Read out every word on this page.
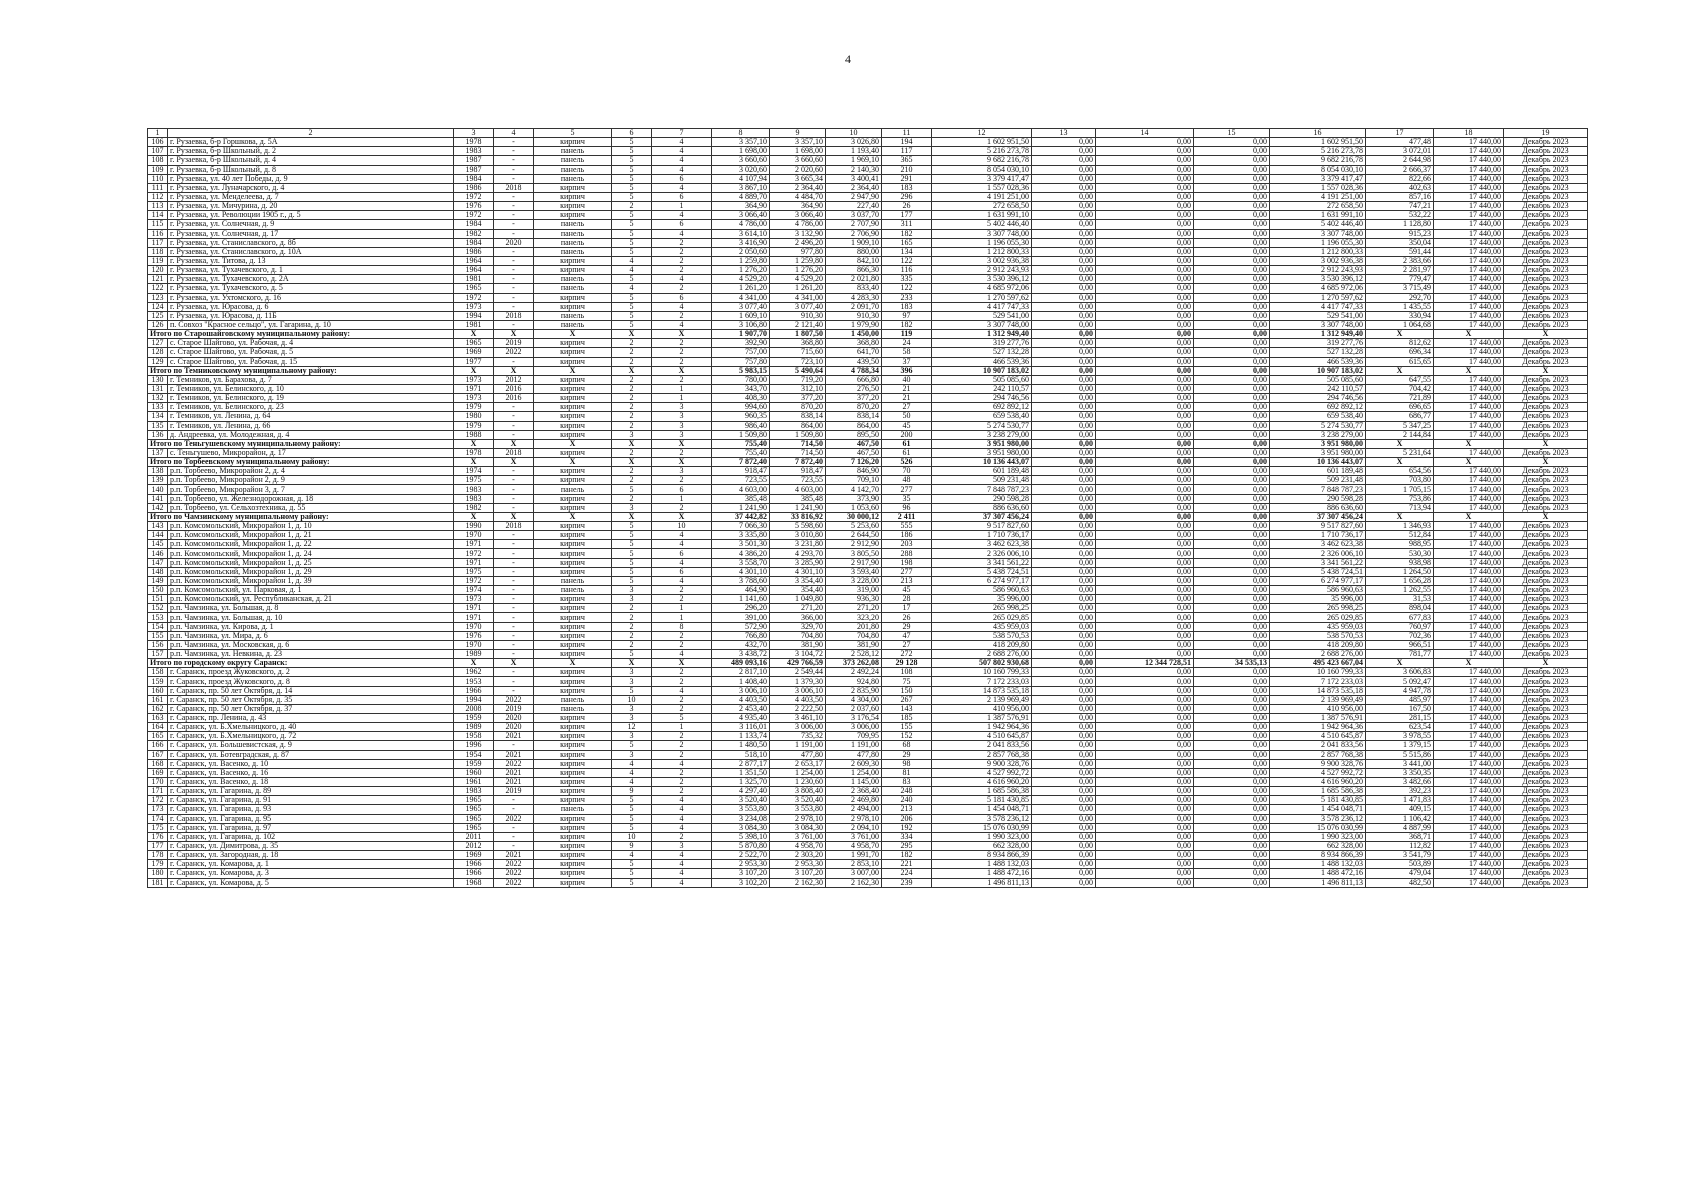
4
1	2	3	4	5	6	7	8	9	10	11	12	13	14	15	16	17	18	19
106	г. Рузаевка, б-р Горшкова, д. 5А	1978	-	кирпич	5	4	3 357,10	3 357,10	3 026,80	194	1 602 951,50	0,00	0,00	0,00	1 602 951,50	477,48	17 440,00	Декабрь 2023
107	г. Рузаевка, б-р Школьный, д. 2	1983	-	панель	5	4	1 698,00	1 698,00	1 193,40	117	5 216 273,78	0,00	0,00	0,00	5 216 273,78	3 072,01	17 440,00	Декабрь 2023
108	г. Рузаевка, б-р Школьный, д. 4	1987	-	панель	5	4	3 660,60	3 660,60	1 969,10	365	9 682 216,78	0,00	0,00	0,00	9 682 216,78	2 644,98	17 440,00	Декабрь 2023
109	г. Рузаевка, б-р Школьный, д. 8	1987	-	панель	5	4	3 020,60	2 020,60	2 140,30	210	8 054 030,10	0,00	0,00	0,00	8 054 030,10	2 666,37	17 440,00	Декабрь 2023
110	г. Рузаевка, ул. 40 лет Победы, д. 9	1984	-	панель	5	6	4 107,94	3 665,34	3 400,41	291	3 379 417,47	0,00	0,00	0,00	3 379 417,47	822,66	17 440,00	Декабрь 2023
111	г. Рузаевка, ул. Луначарского, д. 4	1986	2018	кирпич	5	4	3 867,10	2 364,40	2 364,40	183	1 557 028,36	0,00	0,00	0,00	1 557 028,36	402,63	17 440,00	Декабрь 2023
112	г. Рузаевка, ул. Менделеева, д. 7	1972	-	кирпич	5	6	4 889,70	4 484,70	2 947,90	296	4 191 251,00	0,00	0,00	0,00	4 191 251,00	857,16	17 440,00	Декабрь 2023
113	г. Рузаевка, ул. Мичурина, д. 20	1976	-	кирпич	2	1	364,90	364,90	227,40	26	272 658,50	0,00	0,00	0,00	272 658,50	747,21	17 440,00	Декабрь 2023
114	г. Рузаевка, ул. Революции 1905 г., д. 5	1972	-	кирпич	5	4	3 066,40	3 066,40	3 037,70	177	1 631 991,10	0,00	0,00	0,00	1 631 991,10	532,22	17 440,00	Декабрь 2023
115	г. Рузаевка, ул. Солнечная, д. 9	1984	-	панель	5	6	4 786,00	4 786,00	2 707,90	311	5 402 446,40	0,00	0,00	0,00	5 402 446,40	1 128,80	17 440,00	Декабрь 2023
116	г. Рузаевка, ул. Солнечная, д. 17	1982	-	панель	5	4	3 614,10	3 132,90	2 706,90	182	3 307 748,00	0,00	0,00	0,00	3 307 748,00	915,23	17 440,00	Декабрь 2023
117	г. Рузаевка, ул. Станиславского, д. 8б	1984	2020	панель	5	2	3 416,90	2 496,20	1 909,10	165	1 196 055,30	0,00	0,00	0,00	1 196 055,30	350,04	17 440,00	Декабрь 2023
118	г. Рузаевка, ул. Станиславского, д. 10А	1986	-	панель	5	2	2 050,60	977,80	880,00	134	1 212 800,33	0,00	0,00	0,00	1 212 800,33	591,44	17 440,00	Декабрь 2023
119	г. Рузаевка, ул. Титова, д. 13	1964	-	кирпич	4	2	1 259,80	1 259,80	842,10	122	3 002 936,38	0,00	0,00	0,00	3 002 936,38	2 383,66	17 440,00	Декабрь 2023
120	г. Рузаевка, ул. Тухачевского, д. 1	1964	-	кирпич	4	2	1 276,20	1 276,20	866,30	116	2 912 243,93	0,00	0,00	0,00	2 912 243,93	2 281,97	17 440,00	Декабрь 2023
121	г. Рузаевка, ул. Тухачевского, д. 2А	1981	-	панель	5	4	4 529,20	4 529,20	2 021,80	335	3 530 396,12	0,00	0,00	0,00	3 530 396,12	779,47	17 440,00	Декабрь 2023
122	г. Рузаевка, ул. Тухачевского, д. 5	1965	-	панель	4	2	1 261,20	1 261,20	833,40	122	4 685 972,06	0,00	0,00	0,00	4 685 972,06	3 715,49	17 440,00	Декабрь 2023
123	г. Рузаевка, ул. Ухтомского, д. 16	1972	-	кирпич	5	6	4 341,00	4 341,00	4 283,30	233	1 270 597,62	0,00	0,00	0,00	1 270 597,62	292,70	17 440,00	Декабрь 2023
124	г. Рузаевка, ул. Юрасова, д. 6	1973	-	кирпич	5	4	3 077,40	3 077,40	2 091,70	183	4 417 747,33	0,00	0,00	0,00	4 417 747,33	1 435,55	17 440,00	Декабрь 2023
125	г. Рузаевка, ул. Юрасова, д. 11Б	1994	2018	панель	5	2	1 609,10	910,30	910,30	97	529 541,00	0,00	0,00	0,00	529 541,00	330,94	17 440,00	Декабрь 2023
126	п. Совхоз "Красное сельцо", ул. Гагарина, д. 10	1981	-	панель	5	4	3 106,80	2 121,40	1 979,90	182	3 307 748,00	0,00	0,00	0,00	3 307 748,00	1 064,68	17 440,00	Декабрь 2023
Итого по Старошайговскому муниципальному району:		X	X	X	X	X	1 907,70	1 807,50	1 450,00	119	1 312 949,40	0,00	0,00	0,00	1 312 949,40	X	X	X
127	с. Старое Шайгово, ул. Рабочая, д. 4	1965	2019	кирпич	2	2	392,90	368,80	368,80	24	319 277,76	0,00	0,00	0,00	319 277,76	812,62	17 440,00	Декабрь 2023
128	с. Старое Шайгово, ул. Рабочая, д. 5	1969	2022	кирпич	2	2	757,00	715,60	641,70	58	527 132,28	0,00	0,00	0,00	527 132,28	696,34	17 440,00	Декабрь 2023
129	с. Старое Шайгово, ул. Рабочая, д. 15	1977	-	кирпич	2	2	757,80	723,10	439,50	37	466 539,36	0,00	0,00	0,00	466 539,36	615,65	17 440,00	Декабрь 2023
Итого по Темниковскому муниципальному району:		X	X	X	X	X	5 983,15	5 490,64	4 788,34	396	10 907 183,02	0,00	0,00	0,00	10 907 183,02	X	X	X
130	г. Темников, ул. Барахова, д. 7	1973	2012	кирпич	2	2	780,00	719,20	666,80	40	505 085,60	0,00	0,00	0,00	505 085,60	647,55	17 440,00	Декабрь 2023
131	г. Темников, ул. Белинского, д. 10	1971	2016	кирпич	2	1	343,70	312,10	276,50	21	242 110,57	0,00	0,00	0,00	242 110,57	704,42	17 440,00	Декабрь 2023
132	г. Темников, ул. Белинского, д. 19	1973	2016	кирпич	2	1	408,30	377,20	377,20	21	294 746,56	0,00	0,00	0,00	294 746,56	721,89	17 440,00	Декабрь 2023
133	г. Темников, ул. Белинского, д. 23	1979	-	кирпич	2	3	994,60	870,20	870,20	27	692 892,12	0,00	0,00	0,00	692 892,12	696,65	17 440,00	Декабрь 2023
134	г. Темников, ул. Ленина, д. 64	1980	-	кирпич	2	3	960,35	838,14	838,14	50	659 538,40	0,00	0,00	0,00	659 538,40	686,77	17 440,00	Декабрь 2023
135	г. Темников, ул. Ленина, д. 66	1979	-	кирпич	2	3	986,40	864,00	864,00	45	5 274 530,77	0,00	0,00	0,00	5 274 530,77	5 347,25	17 440,00	Декабрь 2023
136	д. Андреевка, ул. Молодежная, д. 4	1988	-	кирпич	3	3	1 509,80	1 509,80	895,50	200	3 238 279,00	0,00	0,00	0,00	3 238 279,00	2 144,84	17 440,00	Декабрь 2023
Итого по Теньгушевскому муниципальному району:		X	X	X	X	X	755,40	714,50	467,50	61	3 951 980,00	0,00	0,00	0,00	3 951 980,00	X	X	X
137	с. Теньгушево, Микрорайон, д. 17	1978	2018	кирпич	2	2	755,40	714,50	467,50	61	3 951 980,00	0,00	0,00	0,00	3 951 980,00	5 231,64	17 440,00	Декабрь 2023
Итого по Торбеевскому муниципальному району:		X	X	X	X	X	7 872,40	7 872,40	7 126,20	526	10 136 443,07	0,00	0,00	0,00	10 136 443,07	X	X	X
138	р.п. Торбеево, Микрорайон 2, д. 4	1974	-	кирпич	2	3	918,47	918,47	846,90	70	601 189,48	0,00	0,00	0,00	601 189,48	654,56	17 440,00	Декабрь 2023
139	р.п. Торбеево, Микрорайон 2, д. 9	1975	-	кирпич	2	2	723,55	723,55	709,10	48	509 231,48	0,00	0,00	0,00	509 231,48	703,80	17 440,00	Декабрь 2023
140	р.п. Торбеево, Микрорайон 3, д. 7	1983	-	панель	5	6	4 603,00	4 603,00	4 142,70	277	7 848 787,23	0,00	0,00	0,00	7 848 787,23	1 705,15	17 440,00	Декабрь 2023
141	р.п. Торбеево, ул. Железнодорожная, д. 18	1983	-	кирпич	2	1	385,48	385,48	373,90	35	290 598,28	0,00	0,00	0,00	290 598,28	753,86	17 440,00	Декабрь 2023
142	р.п. Торбеево, ул. Сельхозтехника, д. 55	1982	-	кирпич	3	2	1 241,90	1 241,90	1 053,60	96	886 636,60	0,00	0,00	0,00	886 636,60	713,94	17 440,00	Декабрь 2023
Итого по Чамзинскому муниципальному району:		X	X	X	X	X	37 442,82	33 816,92	30 000,12	2 411	37 307 456,24	0,00	0,00	0,00	37 307 456,24	X	X	X
143	р.п. Комсомольский, Микрорайон 1, д. 10	1990	2018	кирпич	5	10	7 066,30	5 598,60	5 253,60	555	9 517 827,60	0,00	0,00	0,00	9 517 827,60	1 346,93	17 440,00	Декабрь 2023
144	р.п. Комсомольский, Микрорайон 1, д. 21	1970	-	кирпич	5	4	3 335,80	3 010,80	2 644,50	186	1 710 736,17	0,00	0,00	0,00	1 710 736,17	512,84	17 440,00	Декабрь 2023
145	р.п. Комсомольский, Микрорайон 1, д. 22	1971	-	кирпич	5	4	3 501,30	3 231,80	2 912,90	203	3 462 623,38	0,00	0,00	0,00	3 462 623,38	988,95	17 440,00	Декабрь 2023
146	р.п. Комсомольский, Микрорайон 1, д. 24	1972	-	кирпич	5	6	4 386,20	4 293,70	3 805,50	288	2 326 006,10	0,00	0,00	0,00	2 326 006,10	530,30	17 440,00	Декабрь 2023
147	р.п. Комсомольский, Микрорайон 1, д. 25	1971	-	кирпич	5	4	3 558,70	3 285,90	2 917,90	198	3 341 561,22	0,00	0,00	0,00	3 341 561,22	938,98	17 440,00	Декабрь 2023
148	р.п. Комсомольский, Микрорайон 1, д. 29	1975	-	кирпич	5	6	4 301,10	4 301,10	3 593,40	277	5 438 724,51	0,00	0,00	0,00	5 438 724,51	1 264,50	17 440,00	Декабрь 2023
149	р.п. Комсомольский, Микрорайон 1, д. 39	1972	-	панель	5	4	3 788,60	3 354,40	3 228,00	213	6 274 977,17	0,00	0,00	0,00	6 274 977,17	1 656,28	17 440,00	Декабрь 2023
150	р.п. Комсомольский, ул. Парковая, д. 1	1974	-	панель	3	2	464,90	354,40	319,00	45	586 960,63	0,00	0,00	0,00	586 960,63	1 262,55	17 440,00	Декабрь 2023
151	р.п. Комсомольский, ул. Республиканская, д. 21	1973	-	кирпич	3	2	1 141,60	1 049,80	936,30	28	35 996,00	0,00	0,00	0,00	35 996,00	31,53	17 440,00	Декабрь 2023
152	р.п. Чамзинка, ул. Большая, д. 8	1971	-	кирпич	2	1	296,20	271,20	271,20	17	265 998,25	0,00	0,00	0,00	265 998,25	898,04	17 440,00	Декабрь 2023
153	р.п. Чамзинка, ул. Большая, д. 10	1971	-	кирпич	2	1	391,00	366,00	323,20	26	265 029,85	0,00	0,00	0,00	265 029,85	677,83	17 440,00	Декабрь 2023
154	р.п. Чамзинка, ул. Кирова, д. 1	1970	-	кирпич	2	8	572,90	329,70	201,80	29	435 959,03	0,00	0,00	0,00	435 959,03	760,97	17 440,00	Декабрь 2023
155	р.п. Чамзинка, ул. Мира, д. 6	1976	-	кирпич	2	2	766,80	704,80	704,80	47	538 570,53	0,00	0,00	0,00	538 570,53	702,36	17 440,00	Декабрь 2023
156	р.п. Чамзинка, ул. Московская, д. 6	1970	-	кирпич	2	2	432,70	381,90	381,90	27	418 209,80	0,00	0,00	0,00	418 209,80	966,51	17 440,00	Декабрь 2023
157	р.п. Чамзинка, ул. Невкина, д. 23	1989	-	кирпич	5	4	3 438,72	3 104,72	2 528,12	272	2 688 276,00	0,00	0,00	0,00	2 688 276,00	781,77	17 440,00	Декабрь 2023
Итого по городскому округу Саранск:		X	X	X	X	X	489 093,16	429 766,59	373 262,08	29 128	507 802 930,68	0,00	12 344 728,51	34 535,13	495 423 667,04	X	X	X
158	г. Саранск, проезд Жуковского, д. 2	1962	-	кирпич	3	2	2 817,10	2 549,44	2 492,24	108	10 160 799,33	0,00	0,00	0,00	10 160 799,33	3 606,83	17 440,00	Декабрь 2023
159	г. Саранск, проезд Жуковского, д. 8	1953	-	кирпич	3	2	1 408,40	1 379,30	924,80	75	7 172 233,03	0,00	0,00	0,00	7 172 233,03	5 092,47	17 440,00	Декабрь 2023
160	г. Саранск, пр. 50 лет Октября, д. 14	1966	-	кирпич	5	4	3 006,10	3 006,10	2 835,90	150	14 873 535,18	0,00	0,00	0,00	14 873 535,18	4 947,78	17 440,00	Декабрь 2023
161	г. Саранск, пр. 50 лет Октября, д. 35	1994	2022	панель	10	2	4 403,50	4 403,50	4 304,00	267	2 139 969,49	0,00	0,00	0,00	2 139 969,49	485,97	17 440,00	Декабрь 2023
162	г. Саранск, пр. 50 лет Октября, д. 37	2008	2019	панель	3	2	2 453,40	2 222,50	2 037,60	143	410 956,00	0,00	0,00	0,00	410 956,00	167,50	17 440,00	Декабрь 2023
163	г. Саранск, пр. Ленина, д. 43	1959	2020	кирпич	3	5	4 935,40	3 461,10	3 176,54	185	1 387 576,91	0,00	0,00	0,00	1 387 576,91	281,15	17 440,00	Декабрь 2023
164	г. Саранск, ул. Б.Хмельницкого, д. 40	1989	2020	кирпич	12	1	3 116,01	3 006,00	3 006,00	155	1 942 964,36	0,00	0,00	0,00	1 942 964,36	623,54	17 440,00	Декабрь 2023
165	г. Саранск, ул. Б.Хмельницкого, д. 72	1958	2021	кирпич	3	2	1 133,74	735,32	709,95	152	4 510 645,87	0,00	0,00	0,00	4 510 645,87	3 978,55	17 440,00	Декабрь 2023
166	г. Саранск, ул. Большевистская, д. 9	1996	-	кирпич	5	2	1 480,50	1 191,00	1 191,00	68	2 041 833,56	0,00	0,00	0,00	2 041 833,56	1 379,15	17 440,00	Декабрь 2023
167	г. Саранск, ул. Ботевградская, д. 87	1954	2021	кирпич	3	2	518,10	477,80	477,80	29	2 857 768,38	0,00	0,00	0,00	2 857 768,38	5 515,86	17 440,00	Декабрь 2023
168	г. Саранск, ул. Васенко, д. 10	1959	2022	кирпич	4	4	2 877,17	2 653,17	2 609,30	98	9 900 328,76	0,00	0,00	0,00	9 900 328,76	3 441,00	17 440,00	Декабрь 2023
169	г. Саранск, ул. Васенко, д. 16	1960	2021	кирпич	4	2	1 351,50	1 254,00	1 254,00	81	4 527 992,72	0,00	0,00	0,00	4 527 992,72	3 350,35	17 440,00	Декабрь 2023
170	г. Саранск, ул. Васенко, д. 18	1961	2021	кирпич	4	2	1 325,70	1 230,60	1 145,00	83	4 616 960,20	0,00	0,00	0,00	4 616 960,20	3 482,66	17 440,00	Декабрь 2023
171	г. Саранск, ул. Гагарина, д. 89	1983	2019	кирпич	9	2	4 297,40	3 808,40	2 368,40	248	1 685 586,38	0,00	0,00	0,00	1 685 586,38	392,23	17 440,00	Декабрь 2023
172	г. Саранск, ул. Гагарина, д. 91	1965	-	кирпич	5	4	3 520,40	3 520,40	2 469,80	240	5 181 430,85	0,00	0,00	0,00	5 181 430,85	1 471,83	17 440,00	Декабрь 2023
173	г. Саранск, ул. Гагарина, д. 93	1965	-	панель	5	4	3 553,80	3 553,80	2 494,00	213	1 454 048,71	0,00	0,00	0,00	1 454 048,71	409,15	17 440,00	Декабрь 2023
174	г. Саранск, ул. Гагарина, д. 95	1965	2022	кирпич	5	4	3 234,08	2 978,10	2 978,10	206	3 578 236,12	0,00	0,00	0,00	3 578 236,12	1 106,42	17 440,00	Декабрь 2023
175	г. Саранск, ул. Гагарина, д. 97	1965	-	кирпич	5	4	3 084,30	3 084,30	2 094,10	192	15 076 030,99	0,00	0,00	0,00	15 076 030,99	4 887,99	17 440,00	Декабрь 2023
176	г. Саранск, ул. Гагарина, д. 102	2011	-	кирпич	10	2	5 398,10	3 761,00	3 761,00	334	1 990 323,00	0,00	0,00	0,00	1 990 323,00	368,71	17 440,00	Декабрь 2023
177	г. Саранск, ул. Димитрова, д. 35	2012	-	кирпич	9	3	5 870,80	4 958,70	4 958,70	295	662 328,00	0,00	0,00	0,00	662 328,00	112,82	17 440,00	Декабрь 2023
178	г. Саранск, ул. Загородная, д. 18	1969	2021	кирпич	4	4	2 522,70	2 303,20	1 991,70	182	8 934 866,39	0,00	0,00	0,00	8 934 866,39	3 541,79	17 440,00	Декабрь 2023
179	г. Саранск, ул. Комарова, д. 1	1966	2022	кирпич	5	4	2 953,30	2 953,30	2 853,10	221	1 488 132,03	0,00	0,00	0,00	1 488 132,03	503,89	17 440,00	Декабрь 2023
180	г. Саранск, ул. Комарова, д. 3	1966	2022	кирпич	5	4	3 107,20	3 107,20	3 007,00	224	1 488 472,16	0,00	0,00	0,00	1 488 472,16	479,04	17 440,00	Декабрь 2023
181	г. Саранск, ул. Комарова, д. 5	1968	2022	кирпич	5	4	3 102,20	2 162,30	2 162,30	239	1 496 811,13	0,00	0,00	0,00	1 496 811,13	482,50	17 440,00	Декабрь 2023
